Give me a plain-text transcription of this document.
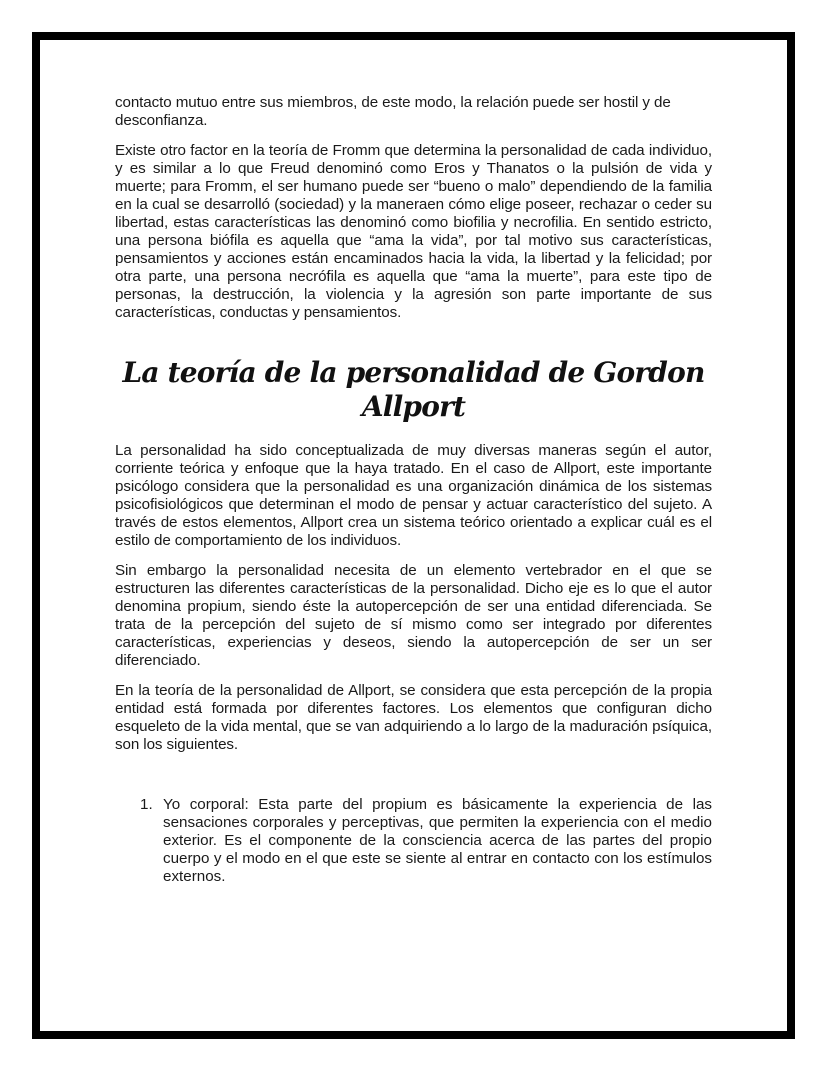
contacto mutuo entre sus miembros, de este modo, la relación puede ser hostil y de desconfianza.

Existe otro factor en la teoría de Fromm que determina la personalidad de cada individuo, y es similar a lo que Freud denominó como Eros y Thanatos o la pulsión de vida y muerte; para Fromm, el ser humano puede ser “bueno o malo” dependiendo de la familia en la cual se desarrolló (sociedad) y la maneraen cómo elige poseer, rechazar o ceder su libertad, estas características las denominó como biofilia y necrofilia. En sentido estricto, una persona biófila es aquella que “ama la vida”, por tal motivo sus características, pensamientos y acciones están encaminados hacia la vida, la libertad y la felicidad; por otra parte, una persona necrófila es aquella que “ama la muerte”, para este tipo de personas, la destrucción, la violencia y la agresión son parte importante de sus características, conductas y pensamientos.

La teoría de la personalidad de Gordon Allport

La personalidad ha sido conceptualizada de muy diversas maneras según el autor, corriente teórica y enfoque que la haya tratado. En el caso de Allport, este importante psicólogo considera que la personalidad es una organización dinámica de los sistemas psicofisiológicos que determinan el modo de pensar y actuar característico del sujeto. A través de estos elementos, Allport crea un sistema teórico orientado a explicar cuál es el estilo de comportamiento de los individuos.

Sin embargo la personalidad necesita de un elemento vertebrador en el que se estructuren las diferentes características de la personalidad. Dicho eje es lo que el autor denomina propium, siendo éste la autopercepción de ser una entidad diferenciada. Se trata de la percepción del sujeto de sí mismo como ser integrado por diferentes características, experiencias y deseos, siendo la autopercepción de ser un ser diferenciado.

En la teoría de la personalidad de Allport, se considera que esta percepción de la propia entidad está formada por diferentes factores. Los elementos que configuran dicho esqueleto de la vida mental, que se van adquiriendo a lo largo de la maduración psíquica, son los siguientes.

1. Yo corporal: Esta parte del propium es básicamente la experiencia de las sensaciones corporales y perceptivas, que permiten la experiencia con el medio exterior. Es el componente de la consciencia acerca de las partes del propio cuerpo y el modo en el que este se siente al entrar en contacto con los estímulos externos.
